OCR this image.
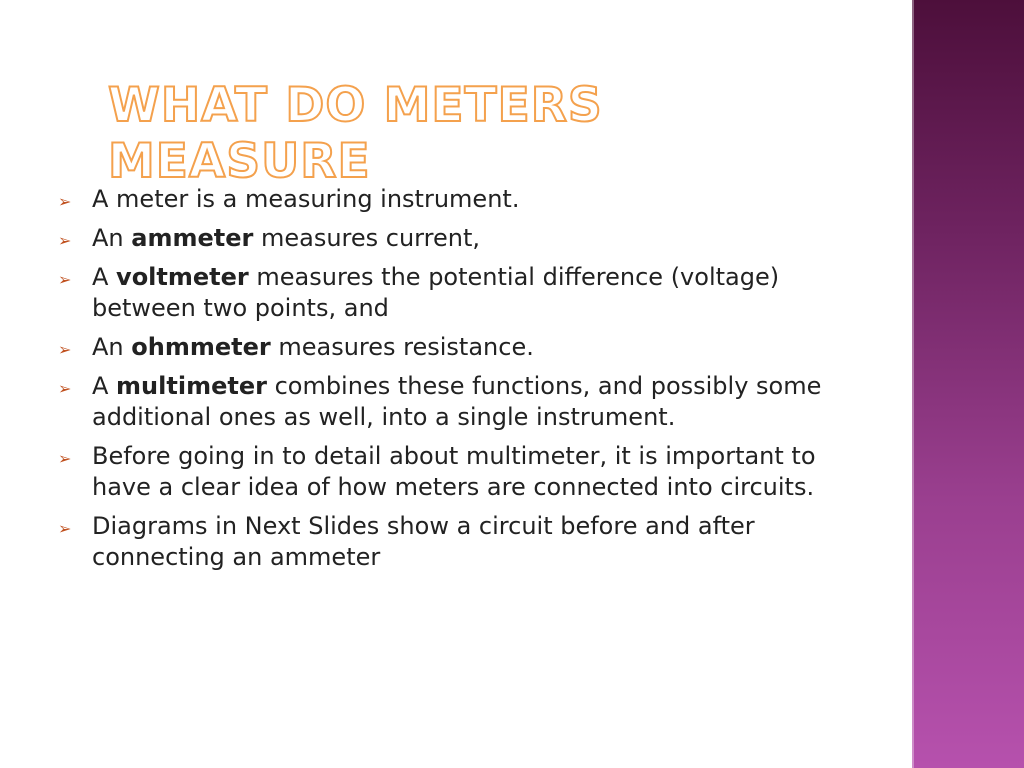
WHAT DO METERS MEASURE
➢ A meter is a measuring instrument.
➢ An ammeter measures current,
➢ A voltmeter measures the potential difference (voltage) between two points, and
➢ An ohmmeter measures resistance.
➢ A multimeter combines these functions, and possibly some additional ones as well, into a single instrument.
➢ Before going in to detail about multimeter, it is important to have a clear idea of how meters are connected into circuits.
➢ Diagrams in Next Slides show a circuit before and after connecting an ammeter
